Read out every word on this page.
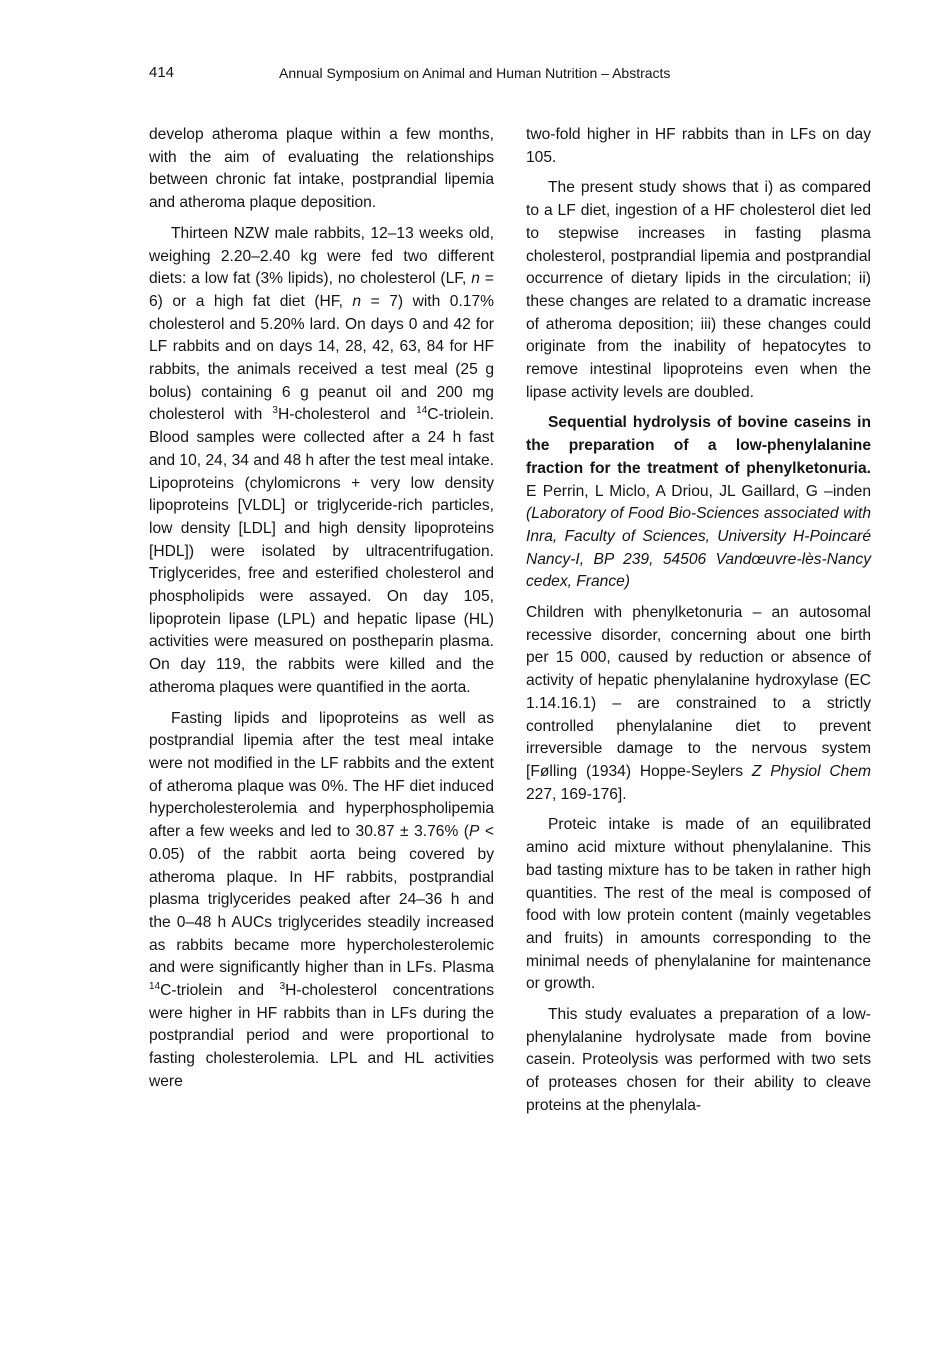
414	Annual Symposium on Animal and Human Nutrition – Abstracts

develop atheroma plaque within a few months, with the aim of evaluating the relationships between chronic fat intake, postprandial lipemia and atheroma plaque deposition.

Thirteen NZW male rabbits, 12–13 weeks old, weighing 2.20–2.40 kg were fed two different diets: a low fat (3% lipids), no cholesterol (LF, n = 6) or a high fat diet (HF, n = 7) with 0.17% cholesterol and 5.20% lard. On days 0 and 42 for LF rabbits and on days 14, 28, 42, 63, 84 for HF rabbits, the animals received a test meal (25 g bolus) containing 6 g peanut oil and 200 mg cholesterol with $^3$H-cholesterol and $^{14}$C-triolein. Blood samples were collected after a 24 h fast and 10, 24, 34 and 48 h after the test meal intake. Lipoproteins (chylomicrons + very low density lipoproteins [VLDL] or triglyceride-rich particles, low density [LDL] and high density lipoproteins [HDL]) were isolated by ultracentrifugation. Triglycerides, free and esterified cholesterol and phospholipids were assayed. On day 105, lipoprotein lipase (LPL) and hepatic lipase (HL) activities were measured on postheparin plasma. On day 119, the rabbits were killed and the atheroma plaques were quantified in the aorta.

Fasting lipids and lipoproteins as well as postprandial lipemia after the test meal intake were not modified in the LF rabbits and the extent of atheroma plaque was 0%. The HF diet induced hypercholesterolemia and hyperphospholipemia after a few weeks and led to 30.87 ± 3.76% (P < 0.05) of the rabbit aorta being covered by atheroma plaque. In HF rabbits, postprandial plasma triglycerides peaked after 24–36 h and the 0–48 h AUCs triglycerides steadily increased as rabbits became more hypercholesterolemic and were significantly higher than in LFs. Plasma $^{14}$C-triolein and $^3$H-cholesterol concentrations were higher in HF rabbits than in LFs during the postprandial period and were proportional to fasting cholesterolemia. LPL and HL activities were

two-fold higher in HF rabbits than in LFs on day 105.

The present study shows that i) as compared to a LF diet, ingestion of a HF cholesterol diet led to stepwise increases in fasting plasma cholesterol, postprandial lipemia and postprandial occurrence of dietary lipids in the circulation; ii) these changes are related to a dramatic increase of atheroma deposition; iii) these changes could originate from the inability of hepatocytes to remove intestinal lipoproteins even when the lipase activity levels are doubled.

Sequential hydrolysis of bovine caseins in the preparation of a low-phenylalanine fraction for the treatment of phenylketonuria. E Perrin, L Miclo, A Driou, JL Gaillard, G –inden (Laboratory of Food Bio-Sciences associated with Inra, Faculty of Sciences, University H-Poincaré Nancy-I, BP 239, 54506 Vandœuvre-lès-Nancy cedex, France)

Children with phenylketonuria – an autosomal recessive disorder, concerning about one birth per 15 000, caused by reduction or absence of activity of hepatic phenylalanine hydroxylase (EC 1.14.16.1) – are constrained to a strictly controlled phenylalanine diet to prevent irreversible damage to the nervous system [Følling (1934) Hoppe-Seylers Z Physiol Chem 227, 169-176].

Proteic intake is made of an equilibrated amino acid mixture without phenylalanine. This bad tasting mixture has to be taken in rather high quantities. The rest of the meal is composed of food with low protein content (mainly vegetables and fruits) in amounts corresponding to the minimal needs of phenylalanine for maintenance or growth.

This study evaluates a preparation of a low-phenylalanine hydrolysate made from bovine casein. Proteolysis was performed with two sets of proteases chosen for their ability to cleave proteins at the phenylala-
